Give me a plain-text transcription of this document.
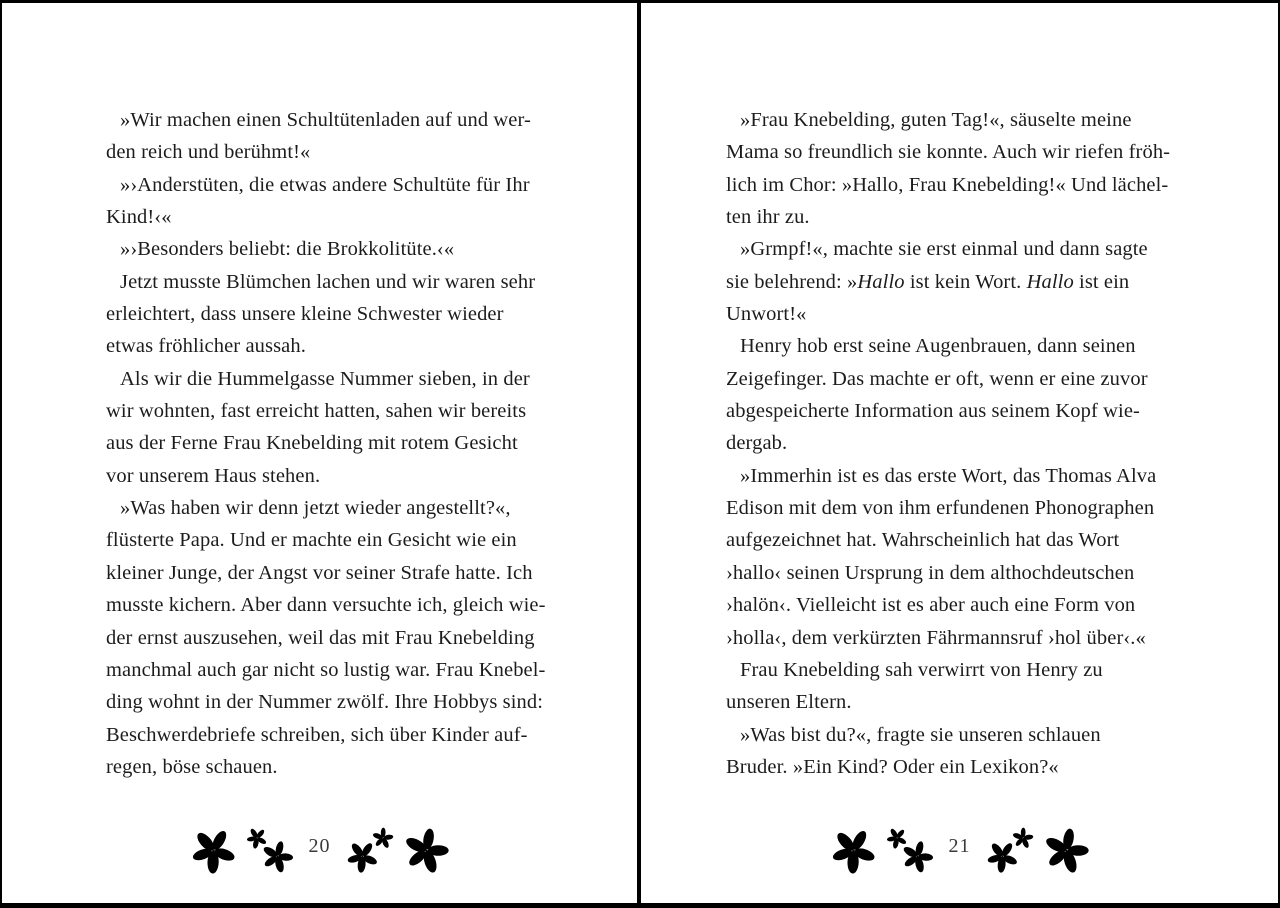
»Wir machen einen Schultütenladen auf und wer-
den reich und berühmt!«
»›Anderstüten, die etwas andere Schultüte für Ihr
Kind!‹«
»›Besonders beliebt: die Brokkolitüte.‹«
Jetzt musste Blümchen lachen und wir waren sehr
erleichtert, dass unsere kleine Schwester wieder
etwas fröhlicher aussah.
Als wir die Hummelgasse Nummer sieben, in der
wir wohnten, fast erreicht hatten, sahen wir bereits
aus der Ferne Frau Knebelding mit rotem Gesicht
vor unserem Haus stehen.
»Was haben wir denn jetzt wieder angestellt?«,
flüsterte Papa. Und er machte ein Gesicht wie ein
kleiner Junge, der Angst vor seiner Strafe hatte. Ich
musste kichern. Aber dann versuchte ich, gleich wie-
der ernst auszusehen, weil das mit Frau Knebelding
manchmal auch gar nicht so lustig war. Frau Knebel-
ding wohnt in der Nummer zwölf. Ihre Hobbys sind:
Beschwerdebriefe schreiben, sich über Kinder auf-
regen, böse schauen.
20
»Frau Knebelding, guten Tag!«, säuselte meine
Mama so freundlich sie konnte. Auch wir riefen fröh-
lich im Chor: »Hallo, Frau Knebelding!« Und lächel-
ten ihr zu.
»Grmpf!«, machte sie erst einmal und dann sagte
sie belehrend: »Hallo ist kein Wort. Hallo ist ein
Unwort!«
Henry hob erst seine Augenbrauen, dann seinen
Zeigefinger. Das machte er oft, wenn er eine zuvor
abgespeicherte Information aus seinem Kopf wie-
dergab.
»Immerhin ist es das erste Wort, das Thomas Alva
Edison mit dem von ihm erfundenen Phonographen
aufgezeichnet hat. Wahrscheinlich hat das Wort
›hallo‹ seinen Ursprung in dem althochdeutschen
›halön‹. Vielleicht ist es aber auch eine Form von
›holla‹, dem verkürzten Fährmannsruf ›hol über‹.«
Frau Knebelding sah verwirrt von Henry zu
unseren Eltern.
»Was bist du?«, fragte sie unseren schlauen
Bruder. »Ein Kind? Oder ein Lexikon?«
21
